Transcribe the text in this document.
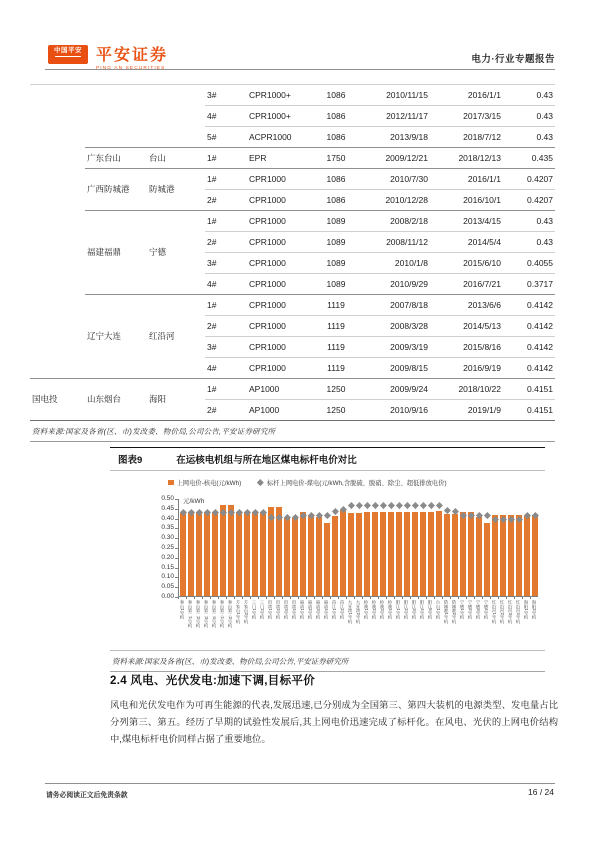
中国平安 平安证券
PING AN SECURITIES
电力·行业专题报告
			3#	CPR1000+	1086	2010/11/15	2016/1/1	0.43
			4#	CPR1000+	1086	2012/11/17	2017/3/15	0.43
			5#	ACPR1000	1086	2013/9/18	2018/7/12	0.43
	广东台山	台山	1#	EPR	1750	2009/12/21	2018/12/13	0.435
	广西防城港	防城港	1#	CPR1000	1086	2010/7/30	2016/1/1	0.4207
			2#	CPR1000	1086	2010/12/28	2016/10/1	0.4207
	福建福鼎	宁德	1#	CPR1000	1089	2008/2/18	2013/4/15	0.43
			2#	CPR1000	1089	2008/11/12	2014/5/4	0.43
			3#	CPR1000	1089	2010/1/8	2015/6/10	0.4055
			4#	CPR1000	1089	2010/9/29	2016/7/21	0.3717
	辽宁大连	红沿河	1#	CPR1000	1119	2007/8/18	2013/6/6	0.4142
			2#	CPR1000	1119	2008/3/28	2014/5/13	0.4142
			3#	CPR1000	1119	2009/3/19	2015/8/16	0.4142
			4#	CPR1000	1119	2009/8/15	2016/9/19	0.4142
国电投	山东烟台	海阳	1#	AP1000	1250	2009/9/24	2018/10/22	0.4151
			2#	AP1000	1250	2010/9/16	2019/1/9	0.4151
资料来源:国家及各省(区、市)发改委、物价局,公司公告,平安证券研究所
图表9	在运核电机组与所在地区煤电标杆电价对比
上网电价-核电(元/kWh)	标杆上网电价-煤电(元/kWh,含脱硫、脱硝、除尘、超低排放电价)
元/kWh
0.00
0.05
0.10
0.15
0.20
0.25
0.30
0.35
0.40
0.45
0.50
秦山1号机 秦山第二1号机 秦山第二2号机 秦山第二3号机 秦山第二4号机 秦山第三1号机 秦山第三2号机 方家山1号机 方家山2号机 三门1号机 三门2号机 田湾1号机 田湾2号机 田湾3号机 田湾4号机 福清1号机 福清2号机 福清3号机 福清4号机 昌江1号机 昌江2号机 大亚湾1号机 大亚湾2号机 岭澳1号机 岭澳2号机 岭澳3号机 岭澳4号机 阳江1号机 阳江2号机 阳江3号机 阳江4号机 阳江5号机 台山1号机 防城港1号机 防城港2号机 宁德1号机 宁德2号机 宁德3号机 宁德4号机 红沿河1号机 红沿河2号机 红沿河3号机 红沿河4号机 海阳1号机 海阳2号机
资料来源:国家及各省(区、市)发改委、物价局,公司公告,平安证券研究所
2.4 风电、光伏发电:加速下调,目标平价
风电和光伏发电作为可再生能源的代表,发展迅速,已分别成为全国第三、第四大装机的电源类型、发电量占比分列第三、第五。经历了早期的试验性发展后,其上网电价迅速完成了标杆化。在风电、光伏的上网电价结构中,煤电标杆电价同样占据了重要地位。
请务必阅读正文后免责条款	16 / 24
